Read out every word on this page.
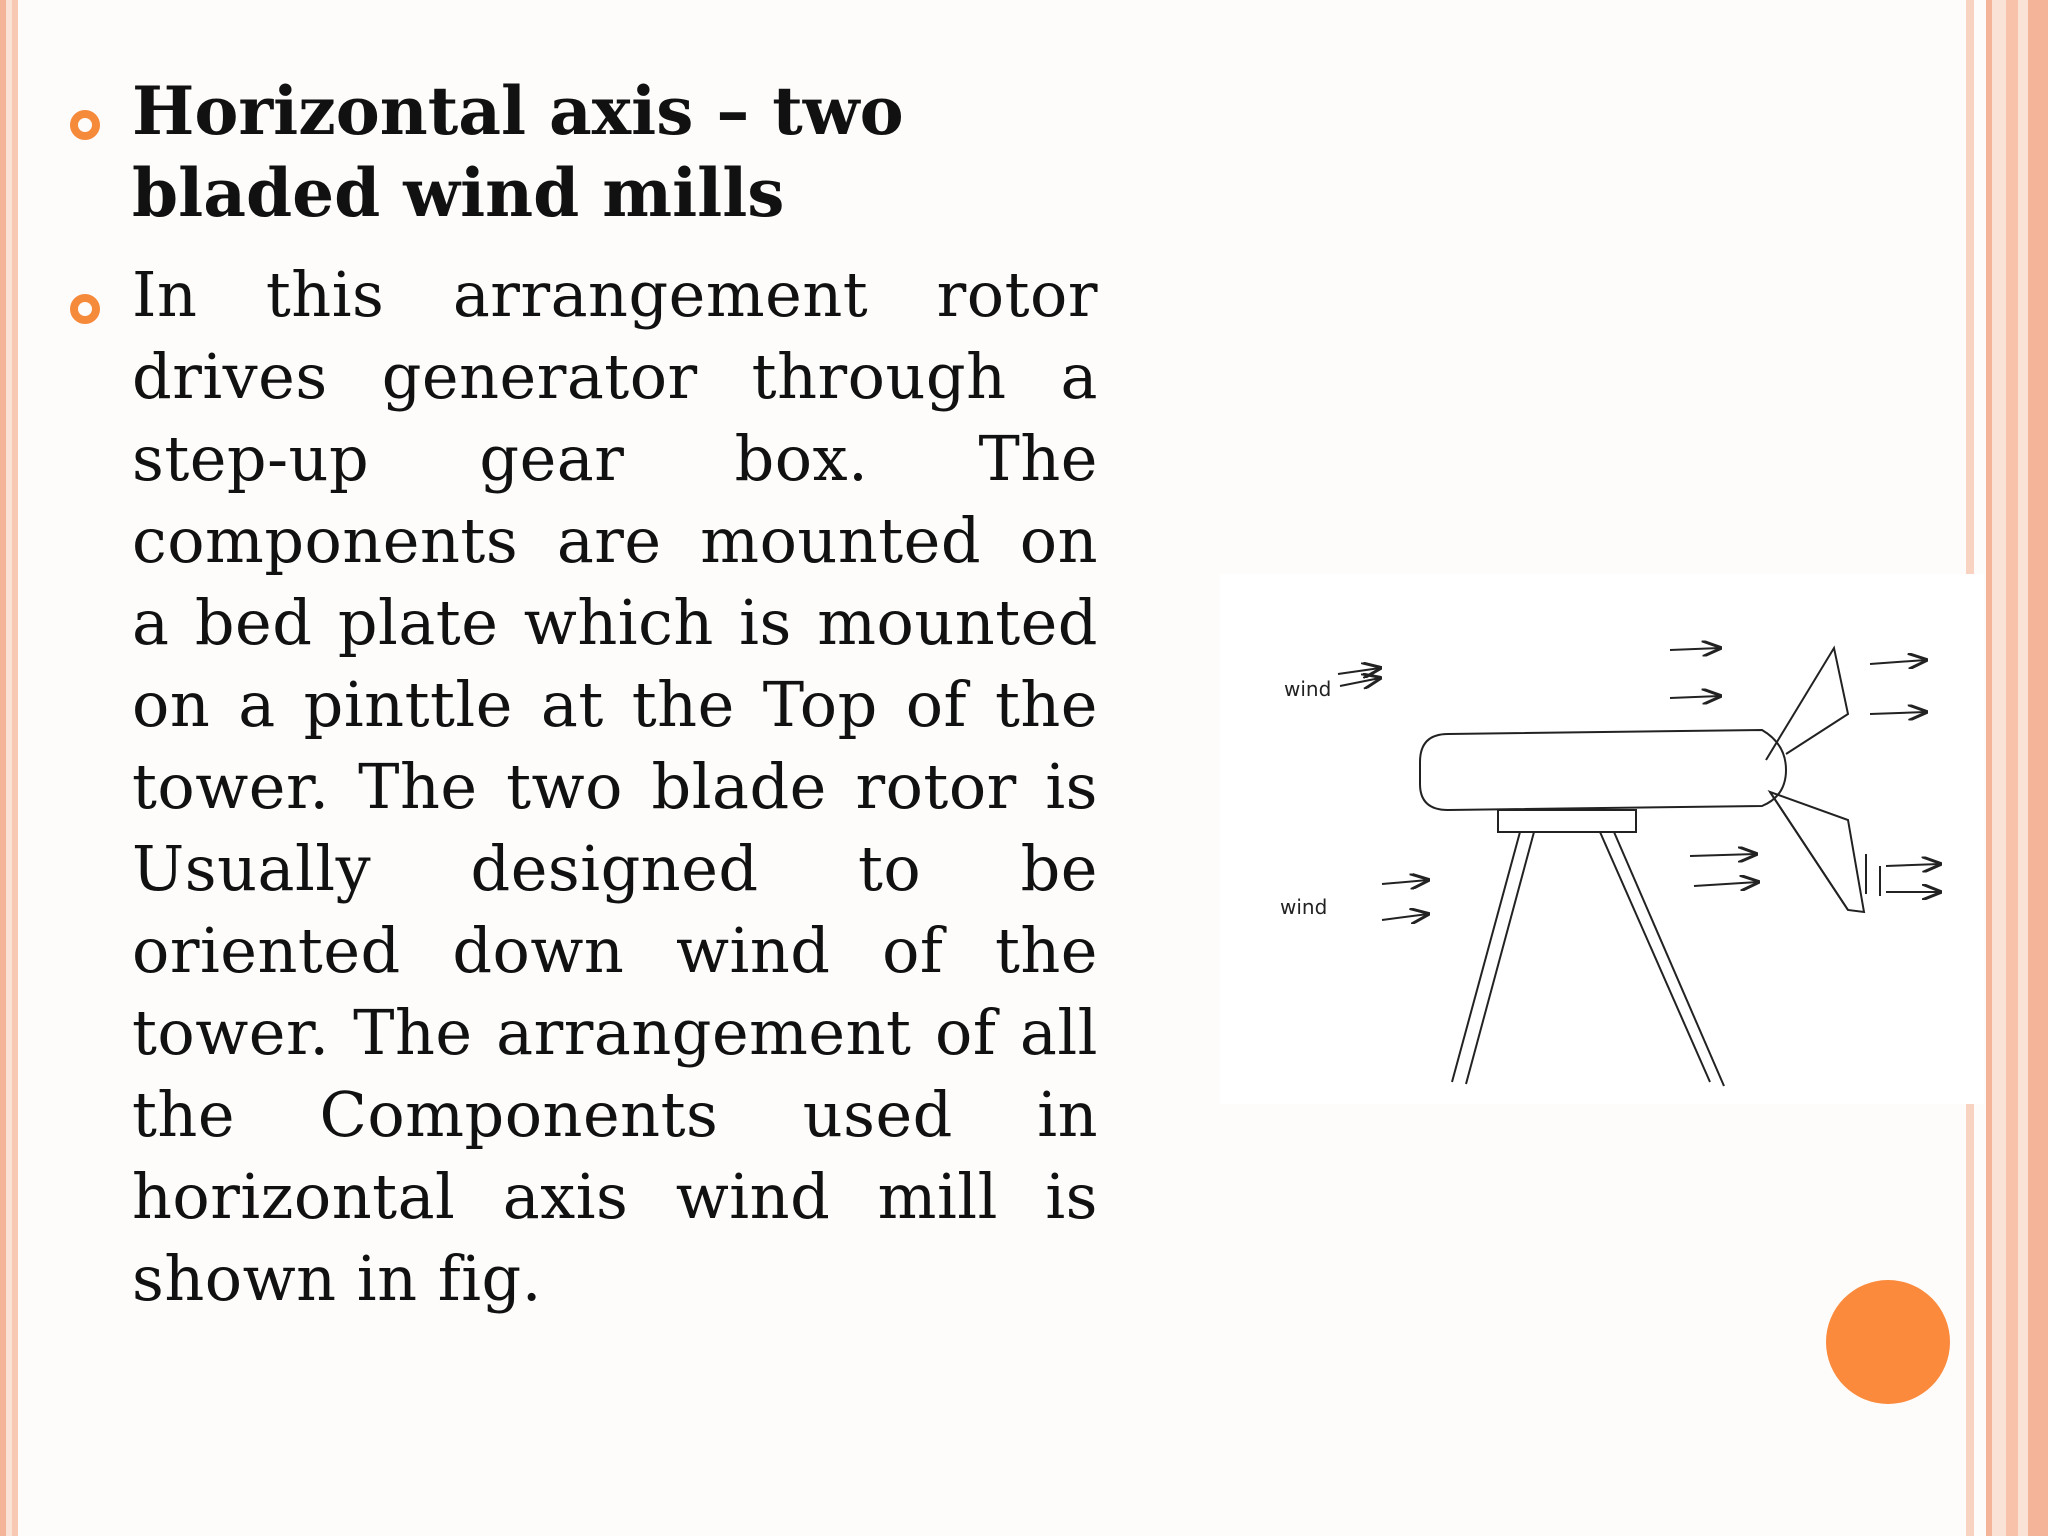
Horizontal axis – two bladed wind mills
In this arrangement rotor drives generator through a step-up gear box. The components are mounted on a bed plate which is mounted on a pinttle at the Top of the tower. The two blade rotor is Usually designed to be oriented down wind of the tower. The arrangement of all the Components used in horizontal axis wind mill is shown in fig.
wind
wind
